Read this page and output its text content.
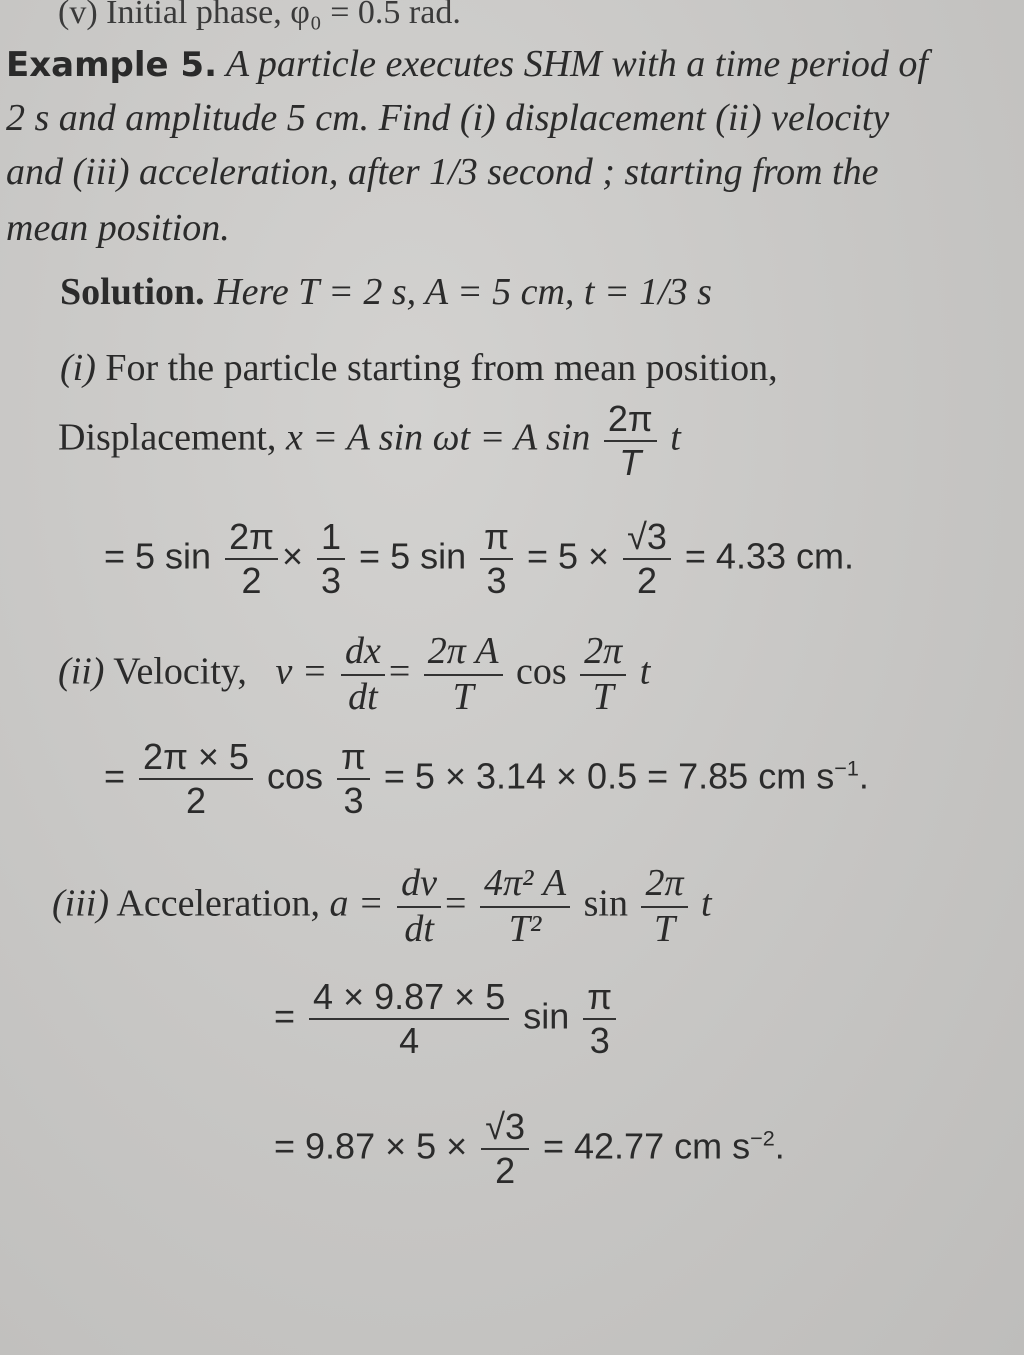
(v) Initial phase, φ₀ = 0.5 rad.
Example 5. A particle executes SHM with a time period of
2 s and amplitude 5 cm. Find (i) displacement (ii) velocity
and (iii) acceleration, after 1/3 second ; starting from the
mean position.
Solution. Here T = 2 s, A = 5 cm, t = 1/3 s
(i) For the particle starting from mean position,
Displacement, x = A sin ωt = A $\sin \frac{2\pi}{T}$ t
= 5 $\sin \frac{2\pi}{2} \times \frac{1}{3} = 5$ $\sin \frac{\pi}{3} = 5 \times \frac{√3}{2} = 4.33$ cm.
(ii) Velocity, $v = \frac{dx}{dt} = \frac{\text{2π A}}{T}$ $\cos \frac{2\pi}{T}$ t
= $\frac{2\pi \times 5}{2}$ $\cos \frac{\pi}{3} = 5 \times 3.14 \times 0.5 = 7.85$ cm $s^{-1}$.
(iii) Acceleration, $a = \frac{dv}{dt} = \frac{\text{4π² A}}{\text{T²}}$ $\sin \frac{2\pi}{T}$ t
= $\frac{4 \times 9.87 \times 5}{4}$ $\sin \frac{\pi}{3}$
= $9.87 \times 5 \times \frac{√3}{2} = 42.77$ cm $s^{-2}$.
